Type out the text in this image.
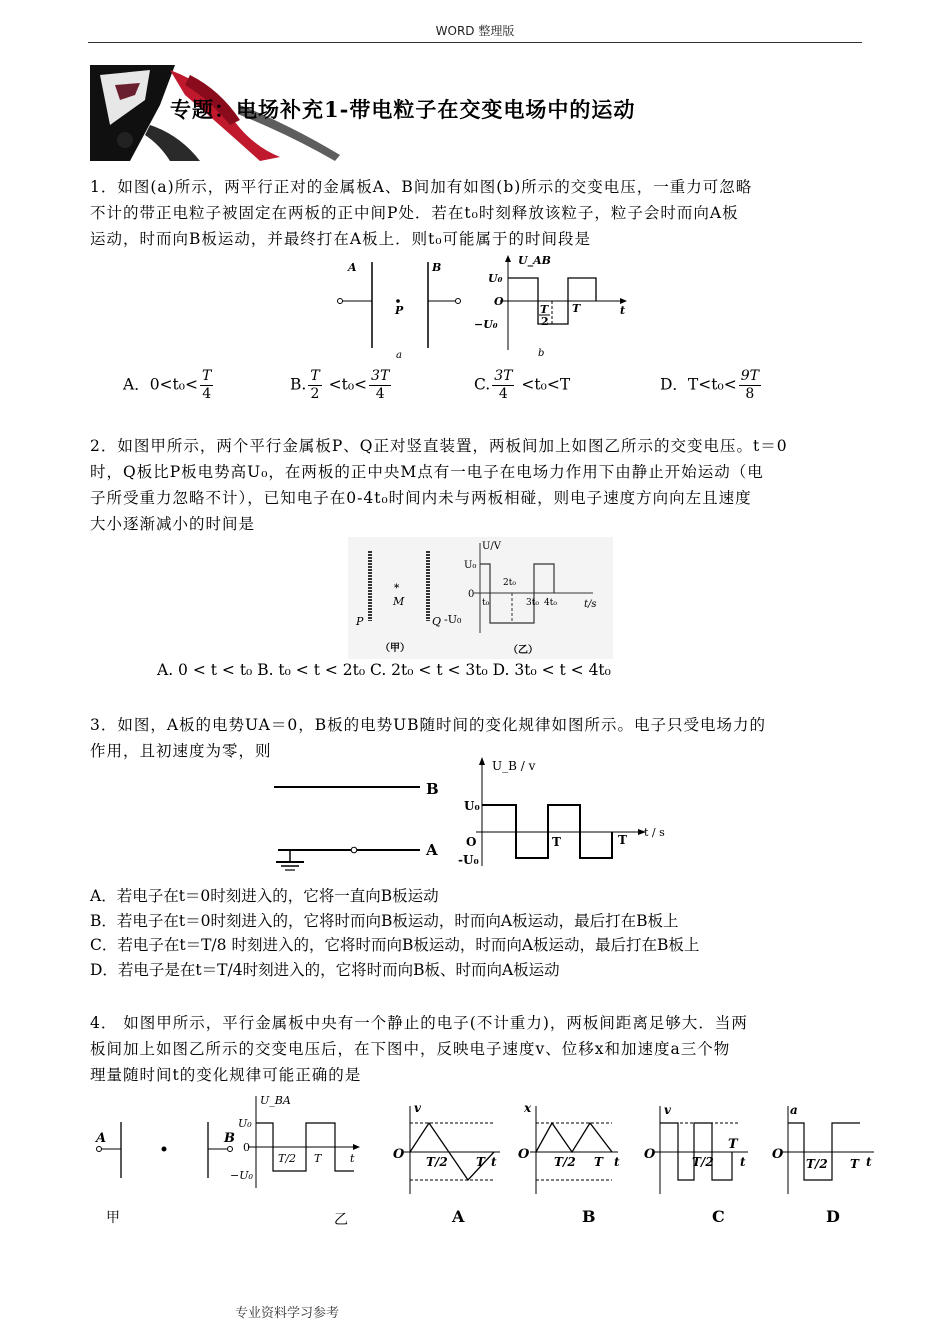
WORD 整理版
专题：电场补充1-带电粒子在交变电场中的运动
1．如图(a)所示，两平行正对的金属板A、B间加有如图(b)所示的交变电压，一重力可忽略
不计的带正电粒子被固定在两板的正中间P处．若在t₀时刻释放该粒子，粒子会时而向A板
运动，时而向B板运动，并最终打在A板上．则t₀可能属于的时间段是
A	B
P
a
U_AB
U₀
O
−U₀
T
2
T	t
b
A．$0<t_0< \frac{T}{4}$	B. $\frac{T}{2} <t_0< \frac{3T}{4}$	C. $\frac{3T}{4} <t_0<T$	D．$T<t_0< \frac{9T}{8}$
2．如图甲所示，两个平行金属板P、Q正对竖直装置，两板间加上如图乙所示的交变电压。t＝0
时，Q板比P板电势高U₀，在两板的正中央M点有一电子在电场力作用下由静止开始运动（电
子所受重力忽略不计），已知电子在0-4t₀时间内未与两板相碰，则电子速度方向向左且速度
大小逐渐减小的时间是
*
M
P	Q -U₀
U/V
U₀
0
t₀
2t₀
3t₀ 4t₀	t/s
（甲）	（乙）
A. 0 < t < t₀ B. t₀ < t < 2t₀ C. 2t₀ < t < 3t₀ D. 3t₀ < t < 4t₀
3．如图，A板的电势UA＝0，B板的电势UB随时间的变化规律如图所示。电子只受电场力的
作用，且初速度为零，则
B
A
U_B / v
U₀
O
-U₀
T	T
t / s
A．若电子在t＝0时刻进入的，它将一直向B板运动
B．若电子在t＝0时刻进入的，它将时而向B板运动，时而向A板运动，最后打在B板上
C．若电子在t＝T/8 时刻进入的，它将时而向B板运动，时而向A板运动，最后打在B板上
D．若电子是在t＝T/4时刻进入的，它将时而向B板、时而向A板运动
4． 如图甲所示，平行金属板中央有一个静止的电子(不计重力)，两板间距离足够大．当两
板间加上如图乙所示的交变电压后，在下图中，反映电子速度v、位移x和加速度a三个物
理量随时间t的变化规律可能正确的是
A	B
甲
U_BA
U₀
0
−U₀
T/2 T	t
乙
v
O T/2 T t
A
x
O T/2 T t
B
v
O	T/2
T
t
C
a
O
T/2 T t
D
专业资料学习参考
